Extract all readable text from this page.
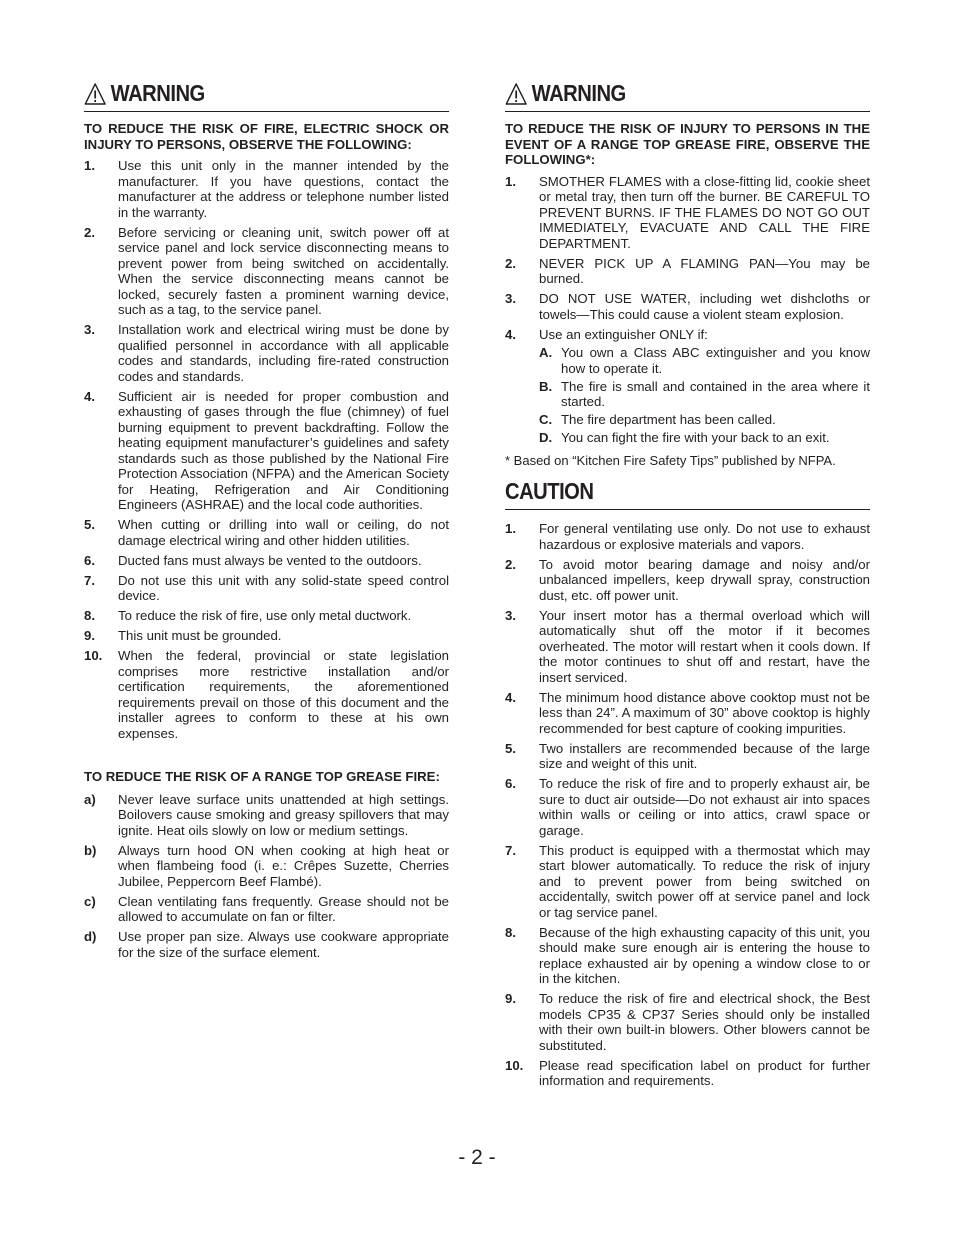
WARNING
TO REDUCE THE RISK OF FIRE, ELECTRIC SHOCK OR INJURY TO PERSONS, OBSERVE THE FOLLOWING:
1.	Use this unit only in the manner intended by the manufacturer. If you have questions, contact the manufacturer at the address or telephone number listed in the warranty.
2.	Before servicing or cleaning unit, switch power off at service panel and lock service disconnecting means to prevent power from being switched on accidentally. When the service disconnecting means cannot be locked, securely fasten a prominent warning device, such as a tag, to the service panel.
3.	Installation work and electrical wiring must be done by qualified personnel in accordance with all applicable codes and standards, including fire-rated construction codes and standards.
4.	Sufficient air is needed for proper combustion and exhausting of gases through the flue (chimney) of fuel burning equipment to prevent backdrafting. Follow the heating equipment manufacturer’s guidelines and safety standards such as those published by the National Fire Protection Association (NFPA) and the American Society for Heating, Refrigeration and Air Conditioning Engineers (ASHRAE) and the local code authorities.
5.	When cutting or drilling into wall or ceiling, do not damage electrical wiring and other hidden utilities.
6.	Ducted fans must always be vented to the outdoors.
7.	Do not use this unit with any solid-state speed control device.
8.	To reduce the risk of fire, use only metal ductwork.
9.	This unit must be grounded.
10.	When the federal, provincial or state legislation comprises more restrictive installation and/or certification requirements, the aforementioned requirements prevail on those of this document and the installer agrees to conform to these at his own expenses.
TO REDUCE THE RISK OF A RANGE TOP GREASE FIRE:
a)	Never leave surface units unattended at high settings. Boilovers cause smoking and greasy spillovers that may ignite. Heat oils slowly on low or medium settings.
b)	Always turn hood ON when cooking at high heat or when flambeing food (i. e.: Crêpes Suzette, Cherries Jubilee, Peppercorn Beef Flambé).
c)	Clean ventilating fans frequently. Grease should not be allowed to accumulate on fan or filter.
d)	Use proper pan size. Always use cookware appropriate for the size of the surface element.
WARNING
TO REDUCE THE RISK OF INJURY TO PERSONS IN THE EVENT OF A RANGE TOP GREASE FIRE, OBSERVE THE FOLLOWING*:
1.	SMOTHER FLAMES with a close-fitting lid, cookie sheet or metal tray, then turn off the burner. BE CAREFUL TO PREVENT BURNS. IF THE FLAMES DO NOT GO OUT IMMEDIATELY, EVACUATE AND CALL THE FIRE DEPARTMENT.
2.	NEVER PICK UP A FLAMING PAN—You may be burned.
3.	DO NOT USE WATER, including wet dishcloths or towels—This could cause a violent steam explosion.
4.	Use an extinguisher ONLY if:
A. You own a Class ABC extinguisher and you know how to operate it.
B. The fire is small and contained in the area where it started.
C. The fire department has been called.
D. You can fight the fire with your back to an exit.
* Based on “Kitchen Fire Safety Tips” published by NFPA.
CAUTION
1.	For general ventilating use only. Do not use to exhaust hazardous or explosive materials and vapors.
2.	To avoid motor bearing damage and noisy and/or unbalanced impellers, keep drywall spray, construction dust, etc. off power unit.
3.	Your insert motor has a thermal overload which will automatically shut off the motor if it becomes overheated. The motor will restart when it cools down. If the motor continues to shut off and restart, have the insert serviced.
4.	The minimum hood distance above cooktop must not be less than 24”. A maximum of 30” above cooktop is highly recommended for best capture of cooking impurities.
5.	Two installers are recommended because of the large size and weight of this unit.
6.	To reduce the risk of fire and to properly exhaust air, be sure to duct air outside—Do not exhaust air into spaces within walls or ceiling or into attics, crawl space or garage.
7.	This product is equipped with a thermostat which may start blower automatically. To reduce the risk of injury and to prevent power from being switched on accidentally, switch power off at service panel and lock or tag service panel.
8.	Because of the high exhausting capacity of this unit, you should make sure enough air is entering the house to replace exhausted air by opening a window close to or in the kitchen.
9.	To reduce the risk of fire and electrical shock, the Best models CP35 & CP37 Series should only be installed with their own built-in blowers. Other blowers cannot be substituted.
10.	Please read specification label on product for further information and requirements.
- 2 -
